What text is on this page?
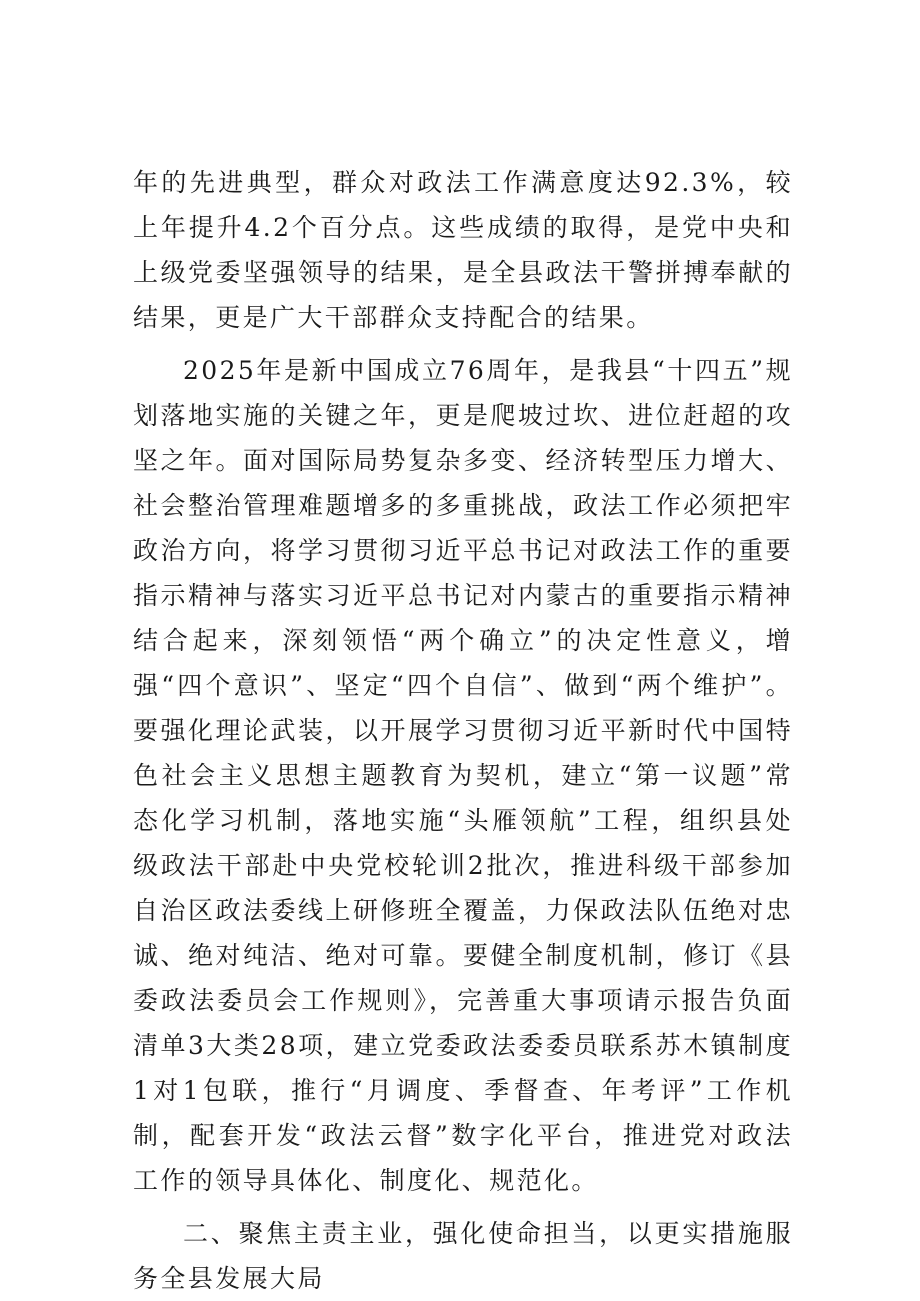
年的先进典型，群众对政法工作满意度达92.3%，较上年提升4.2个百分点。这些成绩的取得，是党中央和上级党委坚强领导的结果，是全县政法干警拼搏奉献的结果，更是广大干部群众支持配合的结果。

2025年是新中国成立76周年，是我县“十四五”规划落地实施的关键之年，更是爬坡过坎、进位赶超的攻坚之年。面对国际局势复杂多变、经济转型压力增大、社会整治管理难题增多的多重挑战，政法工作必须把牢政治方向，将学习贯彻习近平总书记对政法工作的重要指示精神与落实习近平总书记对内蒙古的重要指示精神结合起来，深刻领悟“两个确立”的决定性意义，增强“四个意识”、坚定“四个自信”、做到“两个维护”。要强化理论武装，以开展学习贯彻习近平新时代中国特色社会主义思想主题教育为契机，建立“第一议题”常态化学习机制，落地实施“头雁领航”工程，组织县处级政法干部赴中央党校轮训2批次，推进科级干部参加自治区政法委线上研修班全覆盖，力保政法队伍绝对忠诚、绝对纯洁、绝对可靠。要健全制度机制，修订《县委政法委员会工作规则》，完善重大事项请示报告负面清单3大类28项，建立党委政法委委员联系苏木镇制度1对1包联，推行“月调度、季督查、年考评”工作机制，配套开发“政法云督”数字化平台，推进党对政法工作的领导具体化、制度化、规范化。

二、聚焦主责主业，强化使命担当，以更实措施服务全县发展大局
